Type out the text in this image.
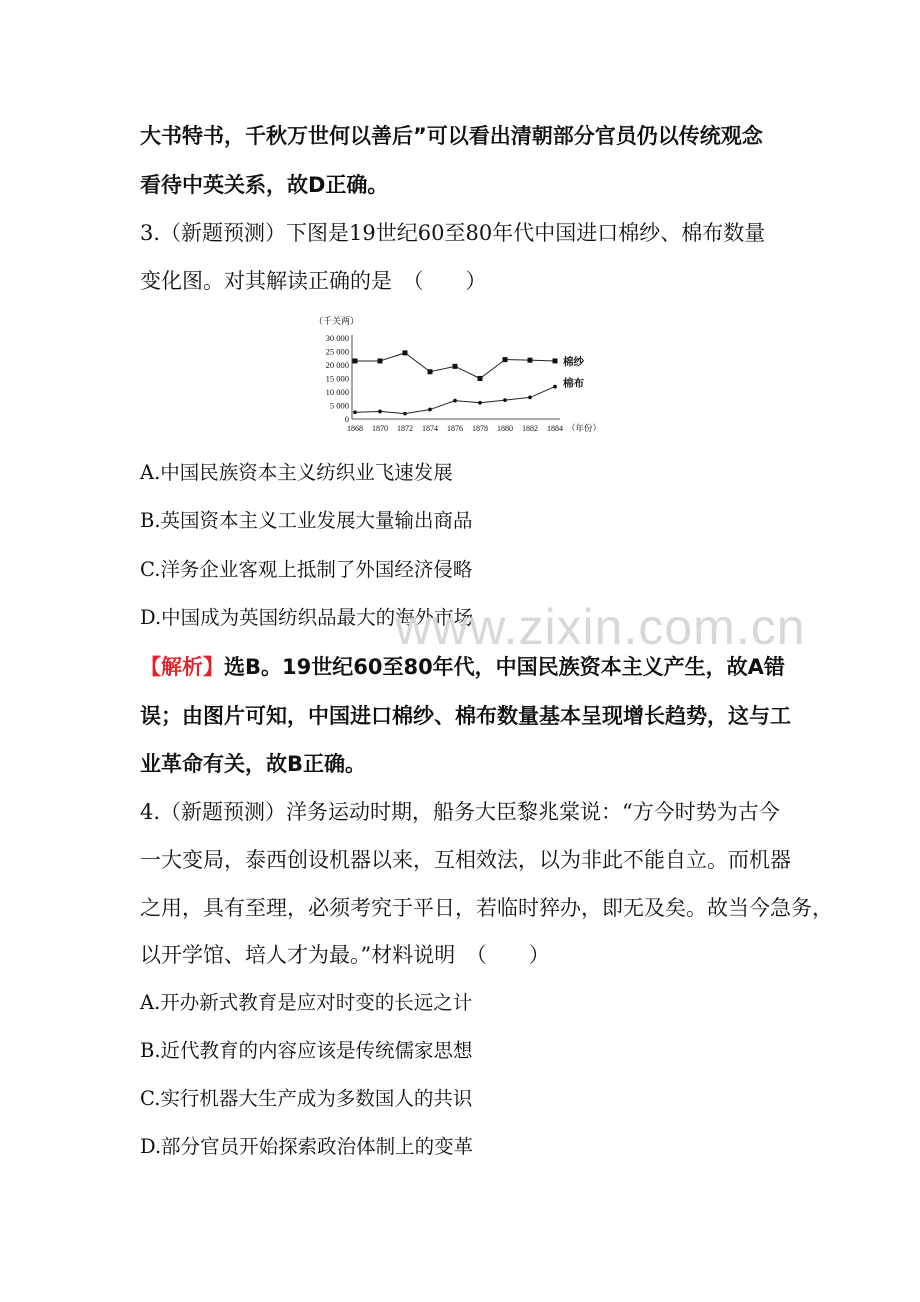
大书特书，千秋万世何以善后”可以看出清朝部分官员仍以传统观念
看待中英关系，故D正确。
3.（新题预测）下图是19世纪60至80年代中国进口棉纱、棉布数量
变化图。对其解读正确的是　（　　）
（千关两）
0
5 000
10 000
15 000
20 000
25 000
30 000
1868 1870 1872 1874 1876 1878 1880 1882 1884 （年份）
棉纱
棉布
A.中国民族资本主义纺织业飞速发展
B.英国资本主义工业发展大量输出商品
C.洋务企业客观上抵制了外国经济侵略
D.中国成为英国纺织品最大的海外市场
www.zixin.com.cn
【解析】选B。19世纪60至80年代，中国民族资本主义产生，故A错
误；由图片可知，中国进口棉纱、棉布数量基本呈现增长趋势，这与工
业革命有关，故B正确。
4.（新题预测）洋务运动时期，船务大臣黎兆棠说：“方今时势为古今
一大变局，泰西创设机器以来，互相效法，以为非此不能自立。而机器
之用，具有至理，必须考究于平日，若临时猝办，即无及矣。故当今急务，
以开学馆、培人才为最。”材料说明　（　　）
A.开办新式教育是应对时变的长远之计
B.近代教育的内容应该是传统儒家思想
C.实行机器大生产成为多数国人的共识
D.部分官员开始探索政治体制上的变革
